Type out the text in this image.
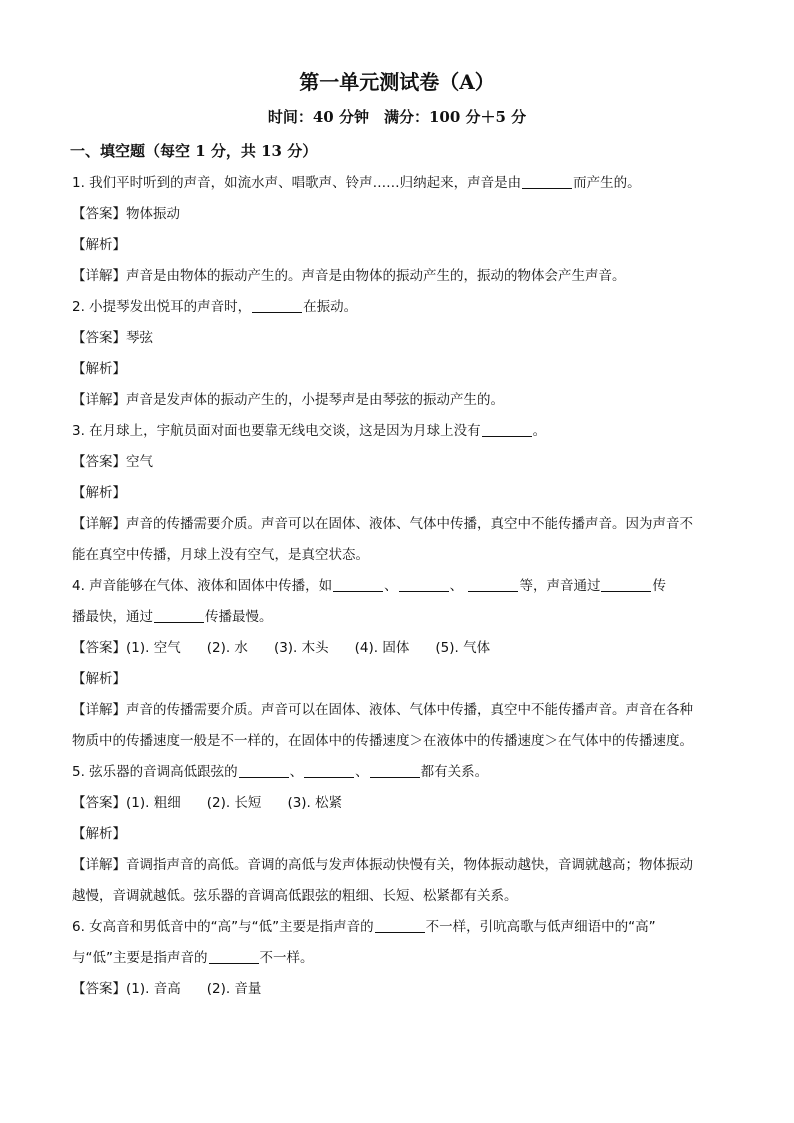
第一单元测试卷（A）
时间：40 分钟　满分：100 分＋5 分
一、填空题（每空 1 分，共 13 分）
1. 我们平时听到的声音，如流水声、唱歌声、铃声……归纳起来，声音是由	而产生的。
【答案】物体振动
【解析】
【详解】声音是由物体的振动产生的。声音是由物体的振动产生的，振动的物体会产生声音。
2. 小提琴发出悦耳的声音时，	在振动。
【答案】琴弦
【解析】
【详解】声音是发声体的振动产生的，小提琴声是由琴弦的振动产生的。
3. 在月球上，宇航员面对面也要靠无线电交谈，这是因为月球上没有	。
【答案】空气
【解析】
【详解】声音的传播需要介质。声音可以在固体、液体、气体中传播，真空中不能传播声音。因为声音不
能在真空中传播，月球上没有空气，是真空状态。
4. 声音能够在气体、液体和固体中传播，如	、	、	等，声音通过	传
播最快，通过	传播最慢。
【答案】(1). 空气 (2). 水 (3). 木头 (4). 固体 (5). 气体
【解析】
【详解】声音的传播需要介质。声音可以在固体、液体、气体中传播，真空中不能传播声音。声音在各种
物质中的传播速度一般是不一样的，在固体中的传播速度＞在液体中的传播速度＞在气体中的传播速度。
5. 弦乐器的音调高低跟弦的	、	、	都有关系。
【答案】(1). 粗细 (2). 长短 (3). 松紧
【解析】
【详解】音调指声音的高低。音调的高低与发声体振动快慢有关，物体振动越快，音调就越高；物体振动
越慢，音调就越低。弦乐器的音调高低跟弦的粗细、长短、松紧都有关系。
6. 女高音和男低音中的“高”与“低”主要是指声音的	不一样，引吭高歌与低声细语中的“高”
与“低”主要是指声音的	不一样。
【答案】(1). 音高 (2). 音量
